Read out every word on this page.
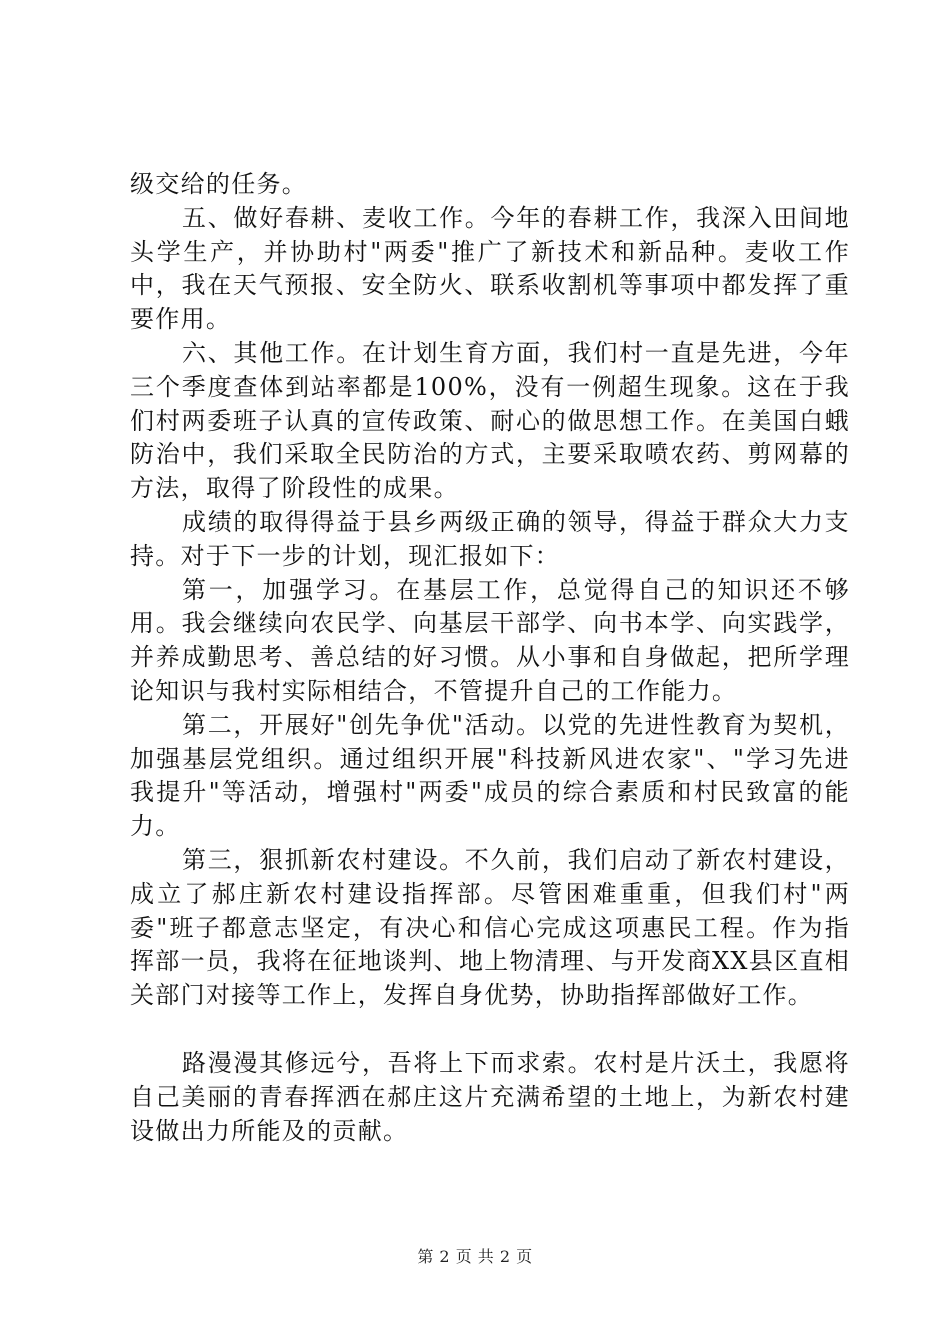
级交给的任务。

五、做好春耕、麦收工作。今年的春耕工作，我深入田间地头学生产，并协助村"两委"推广了新技术和新品种。麦收工作中，我在天气预报、安全防火、联系收割机等事项中都发挥了重要作用。

六、其他工作。在计划生育方面，我们村一直是先进，今年三个季度查体到站率都是100%，没有一例超生现象。这在于我们村两委班子认真的宣传政策、耐心的做思想工作。在美国白蛾防治中，我们采取全民防治的方式，主要采取喷农药、剪网幕的方法，取得了阶段性的成果。

成绩的取得得益于县乡两级正确的领导，得益于群众大力支持。对于下一步的计划，现汇报如下：

第一，加强学习。在基层工作，总觉得自己的知识还不够用。我会继续向农民学、向基层干部学、向书本学、向实践学，并养成勤思考、善总结的好习惯。从小事和自身做起，把所学理论知识与我村实际相结合，不管提升自己的工作能力。

第二，开展好"创先争优"活动。以党的先进性教育为契机，加强基层党组织。通过组织开展"科技新风进农家"、"学习先进我提升"等活动，增强村"两委"成员的综合素质和村民致富的能力。

第三，狠抓新农村建设。不久前，我们启动了新农村建设，成立了郝庄新农村建设指挥部。尽管困难重重，但我们村"两委"班子都意志坚定，有决心和信心完成这项惠民工程。作为指挥部一员，我将在征地谈判、地上物清理、与开发商XX县区直相关部门对接等工作上，发挥自身优势，协助指挥部做好工作。

路漫漫其修远兮，吾将上下而求索。农村是片沃土，我愿将自己美丽的青春挥洒在郝庄这片充满希望的土地上，为新农村建设做出力所能及的贡献。

第 2 页 共 2 页
